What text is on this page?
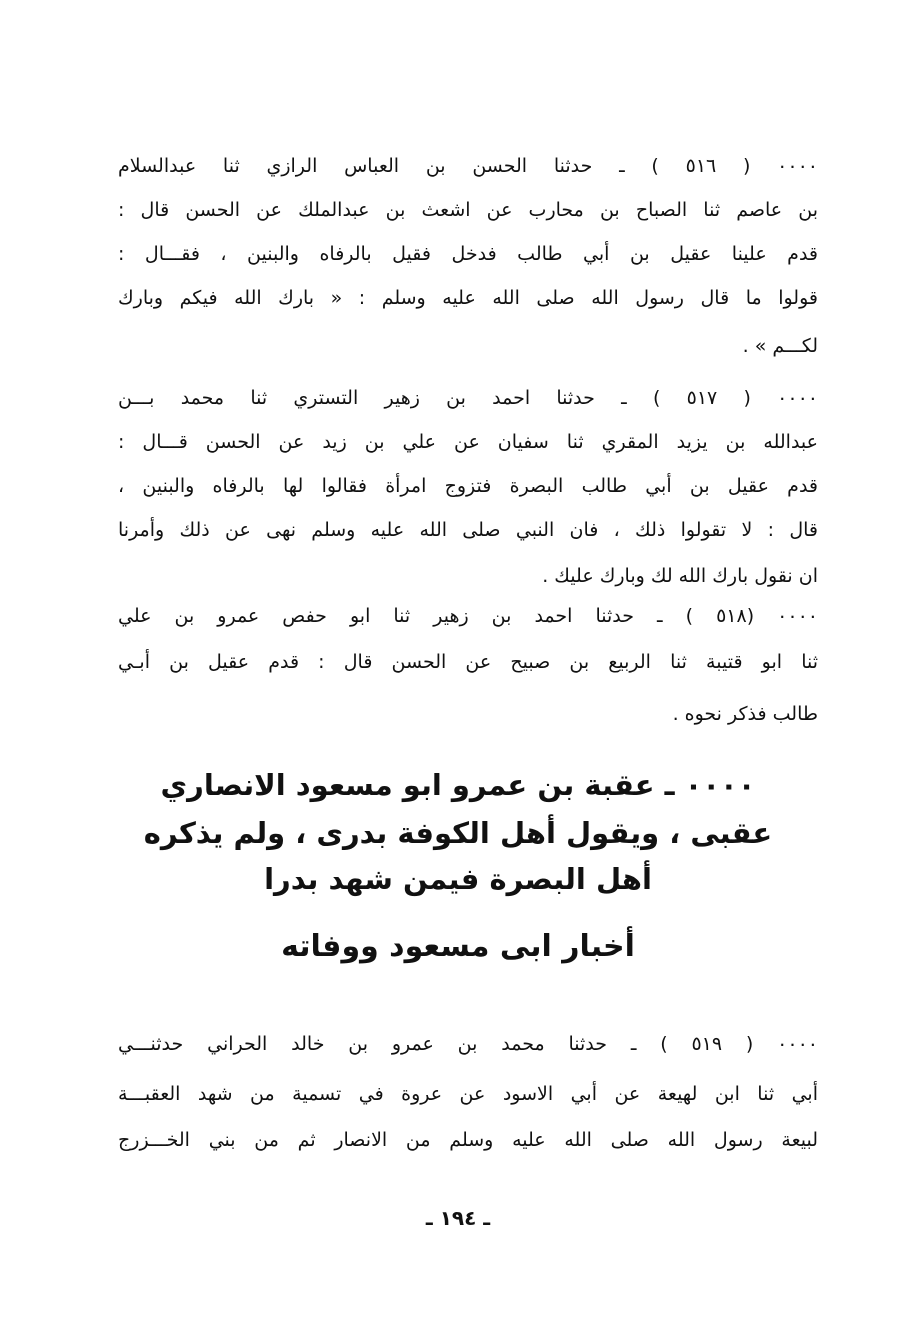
٠٠٠٠ ( ٥١٦ ) ـ حدثنا الحسن بن العباس الرازي ثنا عبدالسلام
بن عاصم ثنا الصباح بن محارب عن اشعث بن عبدالملك عن الحسن قال :
قدم علينا عقيل بن أبي طالب فدخل فقيل بالرفاه والبنين ، فقـــال :
قولوا ما قال رسول الله صلى الله عليه وسلم : « بارك الله فيكم وبارك
لكـــم » .
٠٠٠٠ ( ٥١٧ ) ـ حدثنا احمد بن زهير التستري ثنا محمد بـــن
عبدالله بن يزيد المقري ثنا سفيان عن علي بن زيد عن الحسن قـــال :
قدم عقيل بن أبي طالب البصرة فتزوج امرأة فقالوا لها بالرفاه والبنين ،
قال : لا تقولوا ذلك ، فان النبي صلى الله عليه وسلم نهى عن ذلك وأمرنا
ان نقول بارك الله لك وبارك عليك .
٠٠٠٠ (٥١٨ ) ـ حدثنا احمد بن زهير ثنا ابو حفص عمرو بن علي
ثنا ابو قتيبة ثنا الربيع بن صبيح عن الحسن قال : قدم عقيل بن أبـي
طالب فذكر نحوه .
٠٠٠٠ ـ عقبة بن عمرو ابو مسعود الانصاري
عقبى ، ويقول أهل الكوفة بدرى ، ولم يذكره
أهل البصرة فيمن شهد بدرا
أخبار ابى مسعود ووفاته
٠٠٠٠ ( ٥١٩ ) ـ حدثنا محمد بن عمرو بن خالد الحراني حدثنـــي
أبي ثنا ابن لهيعة عن أبي الاسود عن عروة في تسمية من شهد العقبـــة
لبيعة رسول الله صلى الله عليه وسلم من الانصار ثم من بني الخـــزرج
ـ ١٩٤ ـ
